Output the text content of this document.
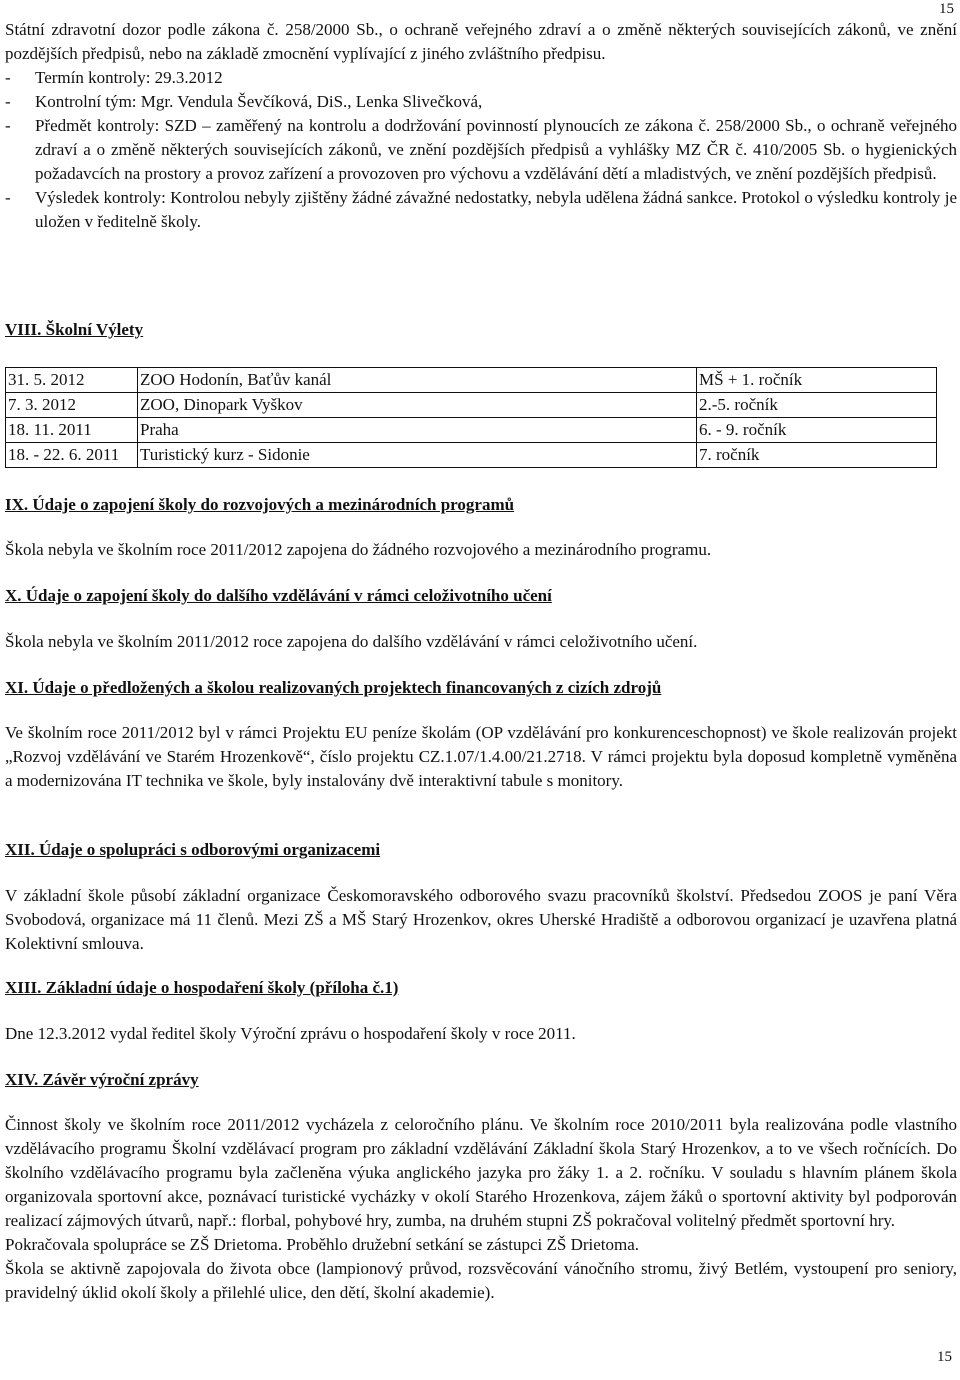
15

Státní zdravotní dozor podle zákona č. 258/2000 Sb., o ochraně veřejného zdraví a o změně některých souvisejících zákonů, ve znění pozdějších předpisů, nebo na základě zmocnění vyplívající z jiného zvláštního předpisu.

-	Termín kontroly: 29.3.2012
-	Kontrolní tým: Mgr. Vendula Ševčíková, DiS., Lenka Slivečková,
-	Předmět kontroly: SZD – zaměřený na kontrolu a dodržování povinností plynoucích ze zákona č. 258/2000 Sb., o ochraně veřejného zdraví a o změně některých souvisejících zákonů, ve znění pozdějších předpisů a vyhlášky MZ ČR č. 410/2005 Sb. o hygienických požadavcích na prostory a provoz zařízení a provozoven pro výchovu a vzdělávání dětí a mladistvých, ve znění pozdějších předpisů.
-	Výsledek kontroly: Kontrolou nebyly zjištěny žádné závažné nedostatky, nebyla udělena žádná sankce. Protokol o výsledku kontroly je uložen v ředitelně školy.
VIII. Školní Výlety
31. 5. 2012	ZOO Hodonín, Baťův kanál	MŠ + 1. ročník
7. 3. 2012	ZOO, Dinopark Vyškov	2.-5. ročník
18. 11. 2011	Praha	6. - 9. ročník
18. - 22. 6. 2011	Turistický kurz - Sidonie	7. ročník
IX. Údaje o zapojení školy do rozvojových a mezinárodních programů

Škola nebyla ve školním roce 2011/2012 zapojena do žádného rozvojového a mezinárodního programu.

X. Údaje o zapojení školy do dalšího vzdělávání v rámci celoživotního učení

Škola nebyla ve školním 2011/2012 roce zapojena do dalšího vzdělávání v rámci celoživotního učení.

XI. Údaje o předložených a školou realizovaných projektech financovaných z cizích zdrojů

Ve školním roce 2011/2012 byl v rámci Projektu EU peníze školám (OP vzdělávání pro konkurenceschopnost) ve škole realizován projekt „Rozvoj vzdělávání ve Starém Hrozenkově“, číslo projektu CZ.1.07/1.4.00/21.2718. V rámci projektu byla doposud kompletně vyměněna a modernizována IT technika ve škole, byly instalovány dvě interaktivní tabule s monitory.

XII. Údaje o spolupráci s odborovými organizacemi

V základní škole působí základní organizace Českomoravského odborového svazu pracovníků školství. Předsedou ZOOS je paní Věra Svobodová, organizace má 11 členů. Mezi ZŠ a MŠ Starý Hrozenkov, okres Uherské Hradiště a odborovou organizací je uzavřena platná Kolektivní smlouva.

XIII. Základní údaje o hospodaření školy (příloha č.1)

Dne 12.3.2012 vydal ředitel školy Výroční zprávu o hospodaření školy v roce 2011.

XIV. Závěr výroční zprávy

Činnost školy ve školním roce 2011/2012 vycházela z celoročního plánu. Ve školním roce 2010/2011 byla realizována podle vlastního vzdělávacího programu Školní vzdělávací program pro základní vzdělávání Základní škola Starý Hrozenkov, a to ve všech ročnících. Do školního vzdělávacího programu byla začleněna výuka anglického jazyka pro žáky 1. a 2. ročníku. V souladu s hlavním plánem škola organizovala sportovní akce, poznávací turistické vycházky v okolí Starého Hrozenkova, zájem žáků o sportovní aktivity byl podporován realizací zájmových útvarů, např.: florbal, pohybové hry, zumba, na druhém stupni ZŠ pokračoval volitelný předmět sportovní hry.

Pokračovala spolupráce se ZŠ Drietoma. Proběhlo družební setkání se zástupci ZŠ Drietoma.

Škola se aktivně zapojovala do života obce (lampionový průvod, rozsvěcování vánočního stromu, živý Betlém, vystoupení pro seniory, pravidelný úklid okolí školy a přilehlé ulice, den dětí, školní akademie).

15
